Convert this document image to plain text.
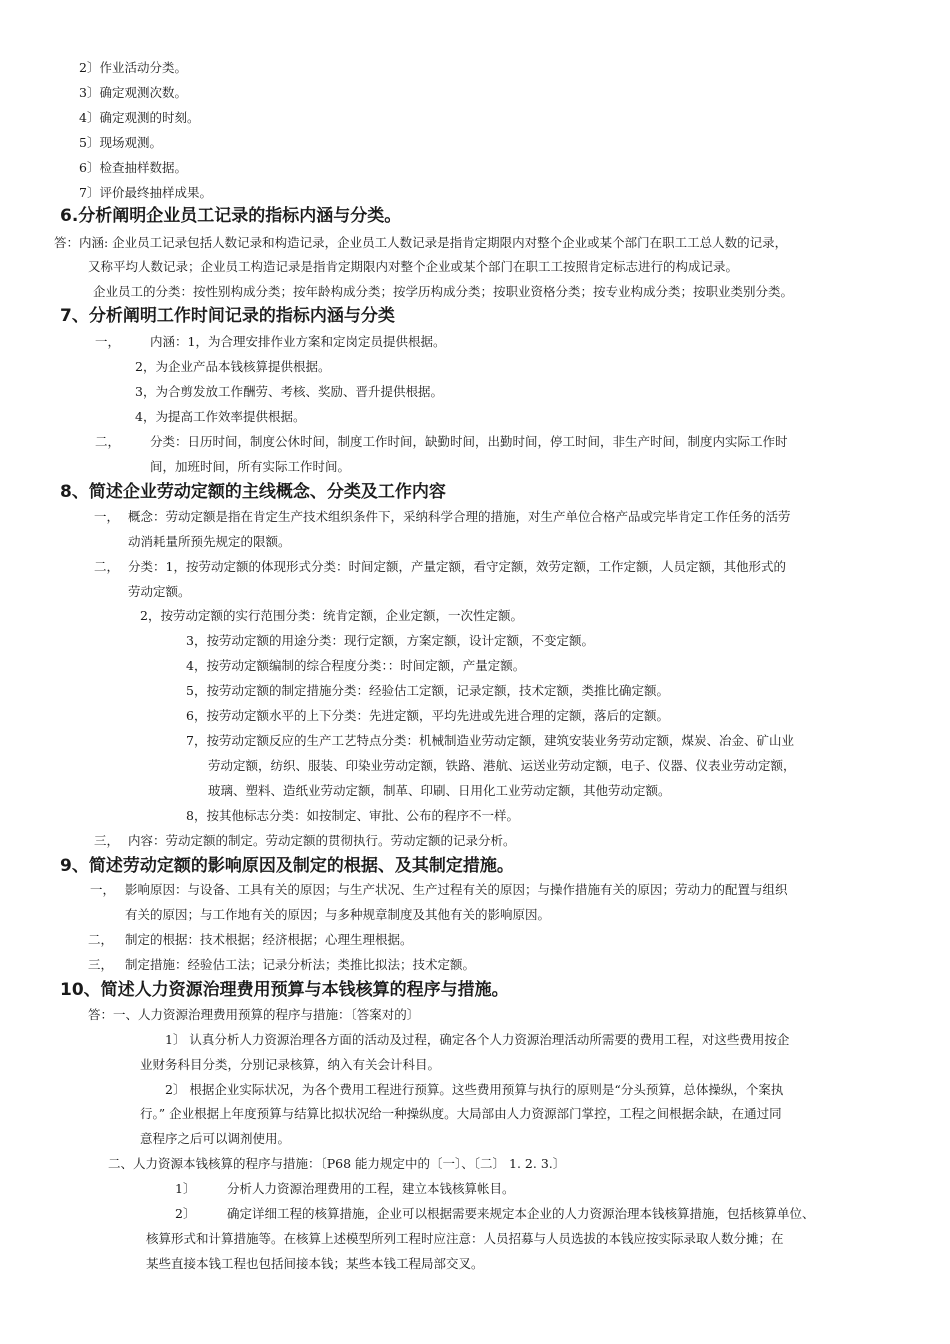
2〕作业活动分类。
3〕确定观测次数。
4〕确定观测的时刻。
5〕现场观测。
6〕检查抽样数据。
7〕评价最终抽样成果。
6.分析阐明企业员工记录的指标内涵与分类。
答：内涵: 企业员工记录包括人数记录和构造记录，企业员工人数记录是指肯定期限内对整个企业或某个部门在职工工总人数的记录，
又称平均人数记录；企业员工构造记录是指肯定期限内对整个企业或某个部门在职工工按照肯定标志进行的构成记录。
企业员工的分类：按性别构成分类；按年龄构成分类；按学历构成分类；按职业资格分类；按专业构成分类；按职业类别分类。
7、分析阐明工作时间记录的指标内涵与分类
一， 内涵：1，为合理安排作业方案和定岗定员提供根据。
2，为企业产品本钱核算提供根据。
3，为合剪发放工作酬劳、考核、奖励、晋升提供根据。
4，为提高工作效率提供根据。
二， 分类：日历时间，制度公休时间，制度工作时间，缺勤时间，出勤时间，停工时间，非生产时间，制度内实际工作时
间，加班时间，所有实际工作时间。
8、简述企业劳动定额的主线概念、分类及工作内容
一， 概念：劳动定额是指在肯定生产技术组织条件下，采纳科学合理的措施，对生产单位合格产品或完毕肯定工作任务的活劳
动消耗量所预先规定的限额。
二， 分类：1，按劳动定额的体现形式分类：时间定额，产量定额，看守定额，效劳定额，工作定额，人员定额，其他形式的
劳动定额。
2，按劳动定额的实行范围分类：统肯定额，企业定额，一次性定额。
3，按劳动定额的用途分类：现行定额，方案定额，设计定额，不变定额。
4，按劳动定额编制的综合程度分类：：时间定额，产量定额。
5，按劳动定额的制定措施分类：经验估工定额，记录定额，技术定额，类推比确定额。
6，按劳动定额水平的上下分类：先进定额，平均先进或先进合理的定额，落后的定额。
7，按劳动定额反应的生产工艺特点分类：机械制造业劳动定额，建筑安装业务劳动定额，煤炭、冶金、矿山业
劳动定额，纺织、服装、印染业劳动定额，铁路、港航、运送业劳动定额，电子、仪器、仪表业劳动定额，
玻璃、塑料、造纸业劳动定额，制革、印刷、日用化工业劳动定额，其他劳动定额。
8，按其他标志分类：如按制定、审批、公布的程序不一样。
三， 内容：劳动定额的制定。劳动定额的贯彻执行。劳动定额的记录分析。
9、简述劳动定额的影响原因及制定的根据、及其制定措施。
一， 影响原因：与设备、工具有关的原因；与生产状况、生产过程有关的原因；与操作措施有关的原因；劳动力的配置与组织
有关的原因；与工作地有关的原因；与多种规章制度及其他有关的影响原因。
二， 制定的根据：技术根据；经济根据；心理生理根据。
三， 制定措施：经验估工法；记录分析法；类推比拟法；技术定额。
10、简述人力资源治理费用预算与本钱核算的程序与措施。
答：一、人力资源治理费用预算的程序与措施：〔答案对的〕
1〕 认真分析人力资源治理各方面的活动及过程，确定各个人力资源治理活动所需要的费用工程，对这些费用按企
业财务科目分类，分别记录核算，纳入有关会计科目。
2〕 根据企业实际状况，为各个费用工程进行预算。这些费用预算与执行的原则是“分头预算，总体操纵，个案执
行。” 企业根据上年度预算与结算比拟状况给一种操纵度。大局部由人力资源部门掌控，工程之间根据余缺，在通过同
意程序之后可以调剂使用。
二、人力资源本钱核算的程序与措施：〔P68 能力规定中的〔一〕、〔二〕 1. 2. 3.〕
1〕	分析人力资源治理费用的工程，建立本钱核算帐目。
2〕	确定详细工程的核算措施，企业可以根据需要来规定本企业的人力资源治理本钱核算措施，包括核算单位、
核算形式和计算措施等。在核算上述模型所列工程时应注意：人员招募与人员选拔的本钱应按实际录取人数分摊；在
某些直接本钱工程也包括间接本钱；某些本钱工程局部交叉。
